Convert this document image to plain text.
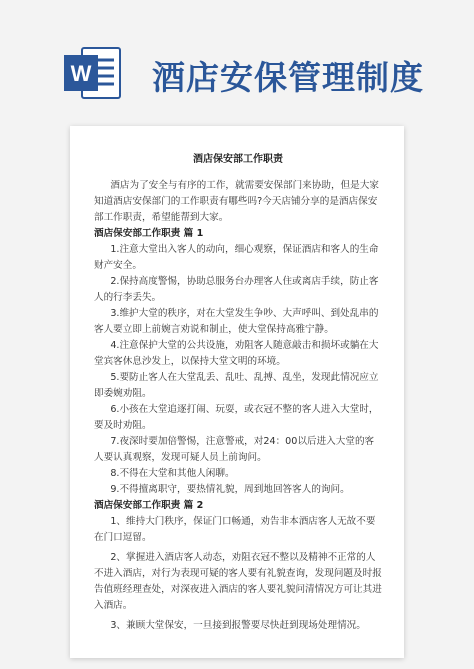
W 酒店安保管理制度
酒店保安部工作职责

酒店为了安全与有序的工作，就需要安保部门来协助，但是大家知道酒店安保部门的工作职责有哪些吗?今天店铺分享的是酒店保安部工作职责，希望能帮到大家。

酒店保安部工作职责 篇 1

1.注意大堂出入客人的动向，细心观察，保证酒店和客人的生命财产安全。

2.保持高度警惕，协助总服务台办理客人住或离店手续，防止客人的行李丢失。

3.维护大堂的秩序，对在大堂发生争吵、大声呼叫、到处乱串的客人要立即上前婉言劝说和制止，使大堂保持高雅宁静。

4.注意保护大堂的公共设施，劝阻客人随意敲击和损坏或躺在大堂宾客休息沙发上，以保持大堂文明的环境。

5.要防止客人在大堂乱丢、乱吐、乱搏、乱坐，发现此情况应立即委婉劝阻。

6.小孩在大堂追逐打闹、玩耍，或衣冠不整的客人进入大堂时，要及时劝阻。

7.夜深时要加倍警惕，注意警戒，对24：00以后进入大堂的客人要认真观察，发现可疑人员上前询问。

8.不得在大堂和其他人闲聊。

9.不得擅离职守，要热情礼貌，周到地回答客人的询问。

酒店保安部工作职责 篇 2

1、维持大门秩序，保证门口畅通，劝告非本酒店客人无故不要在门口逗留。

2、掌握进入酒店客人动态，劝阻衣冠不整以及精神不正常的人不进入酒店，对行为表现可疑的客人要有礼貌查询，发现问题及时报告值班经理查处，对深夜进入酒店的客人要礼貌问清情况方可让其进入酒店。

3、兼顾大堂保安，一旦接到报警要尽快赶到现场处理情况。
